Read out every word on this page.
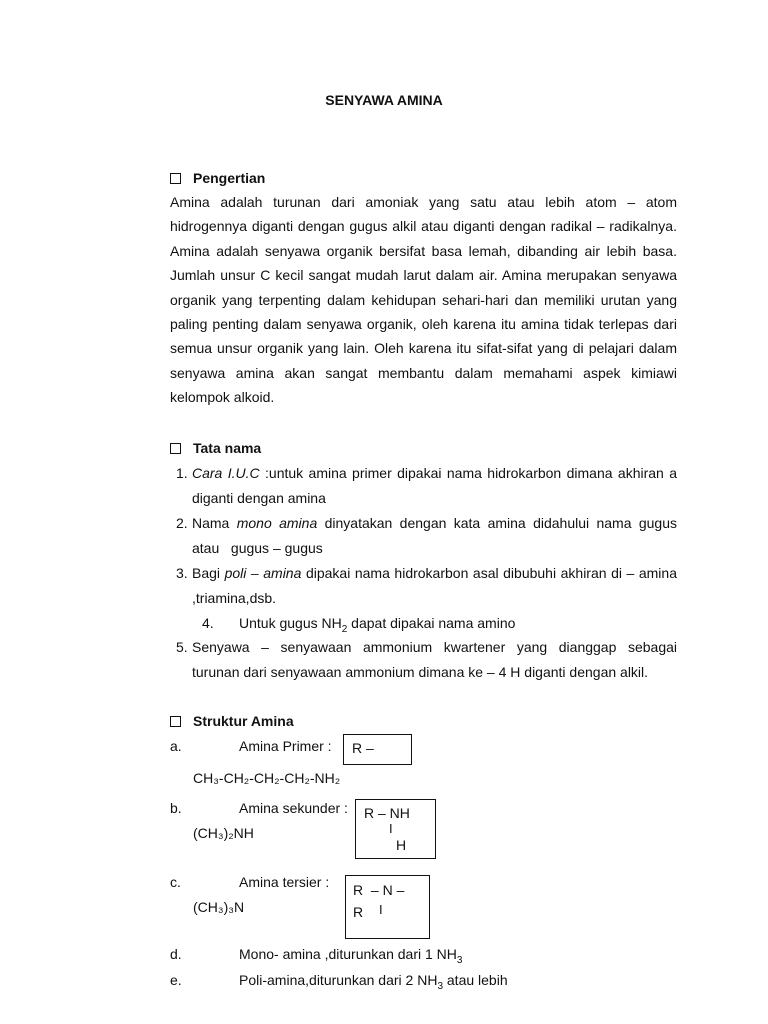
SENYAWA AMINA
Pengertian
Amina adalah turunan dari amoniak yang satu atau lebih atom – atom
hidrogennya diganti dengan gugus alkil atau diganti dengan radikal – radikalnya.
Amina adalah senyawa organik bersifat basa lemah, dibanding air lebih basa.
Jumlah unsur C kecil sangat mudah larut dalam air. Amina merupakan senyawa
organik yang terpenting dalam kehidupan sehari-hari dan memiliki urutan yang
paling penting dalam senyawa organik, oleh karena itu amina tidak terlepas dari
semua unsur organik yang lain. Oleh karena itu sifat-sifat yang di pelajari dalam
senyawa amina akan sangat membantu dalam memahami aspek kimiawi
kelompok alkoid.
Tata nama
1. Cara I.U.C :untuk amina primer dipakai nama hidrokarbon dimana akhiran a
diganti dengan amina
2. Nama mono amina dinyatakan dengan kata amina didahului nama gugus
atau   gugus – gugus
3. Bagi poli – amina dipakai nama hidrokarbon asal dibubuhi akhiran di – amina
,triamina,dsb.
4. Untuk gugus $NH_2$ dapat dipakai nama amino
5. Senyawa – senyawaan ammonium kwartener yang dianggap sebagai
turunan dari senyawaan ammonium dimana ke – 4 H diganti dengan alkil.
Struktur Amina
a.	Amina Primer : R –
CH₃-CH₂-CH₂-CH₂-NH₂
b.	Amina sekunder : R – NH
I
H
(CH₃)₂NH
c.	Amina tersier : R  – N –
R I
(CH₃)₃N
d.	Mono- amina ,diturunkan dari 1 $NH_3$
e.	Poli-amina,diturunkan dari 2 $NH_3$ atau lebih
